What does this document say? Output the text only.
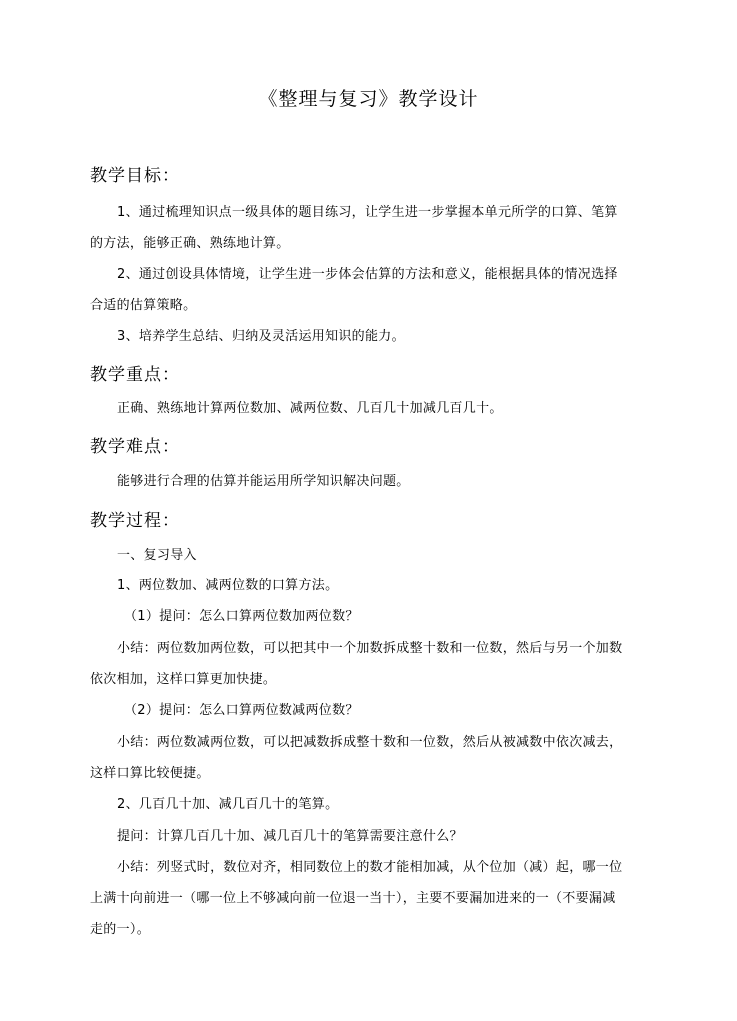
《整理与复习》教学设计
教学目标：
1、通过梳理知识点一级具体的题目练习，让学生进一步掌握本单元所学的口算、笔算
的方法，能够正确、熟练地计算。
2、通过创设具体情境，让学生进一步体会估算的方法和意义，能根据具体的情况选择
合适的估算策略。
3、培养学生总结、归纳及灵活运用知识的能力。
教学重点：
正确、熟练地计算两位数加、减两位数、几百几十加减几百几十。
教学难点：
能够进行合理的估算并能运用所学知识解决问题。
教学过程：
一、复习导入
1、两位数加、减两位数的口算方法。
（1）提问：怎么口算两位数加两位数？
小结：两位数加两位数，可以把其中一个加数拆成整十数和一位数，然后与另一个加数
依次相加，这样口算更加快捷。
（2）提问：怎么口算两位数减两位数？
小结：两位数减两位数，可以把减数拆成整十数和一位数，然后从被减数中依次减去，
这样口算比较便捷。
2、几百几十加、减几百几十的笔算。
提问：计算几百几十加、减几百几十的笔算需要注意什么？
小结：列竖式时，数位对齐，相同数位上的数才能相加减，从个位加（减）起，哪一位
上满十向前进一（哪一位上不够减向前一位退一当十），主要不要漏加进来的一（不要漏减
走的一）。
